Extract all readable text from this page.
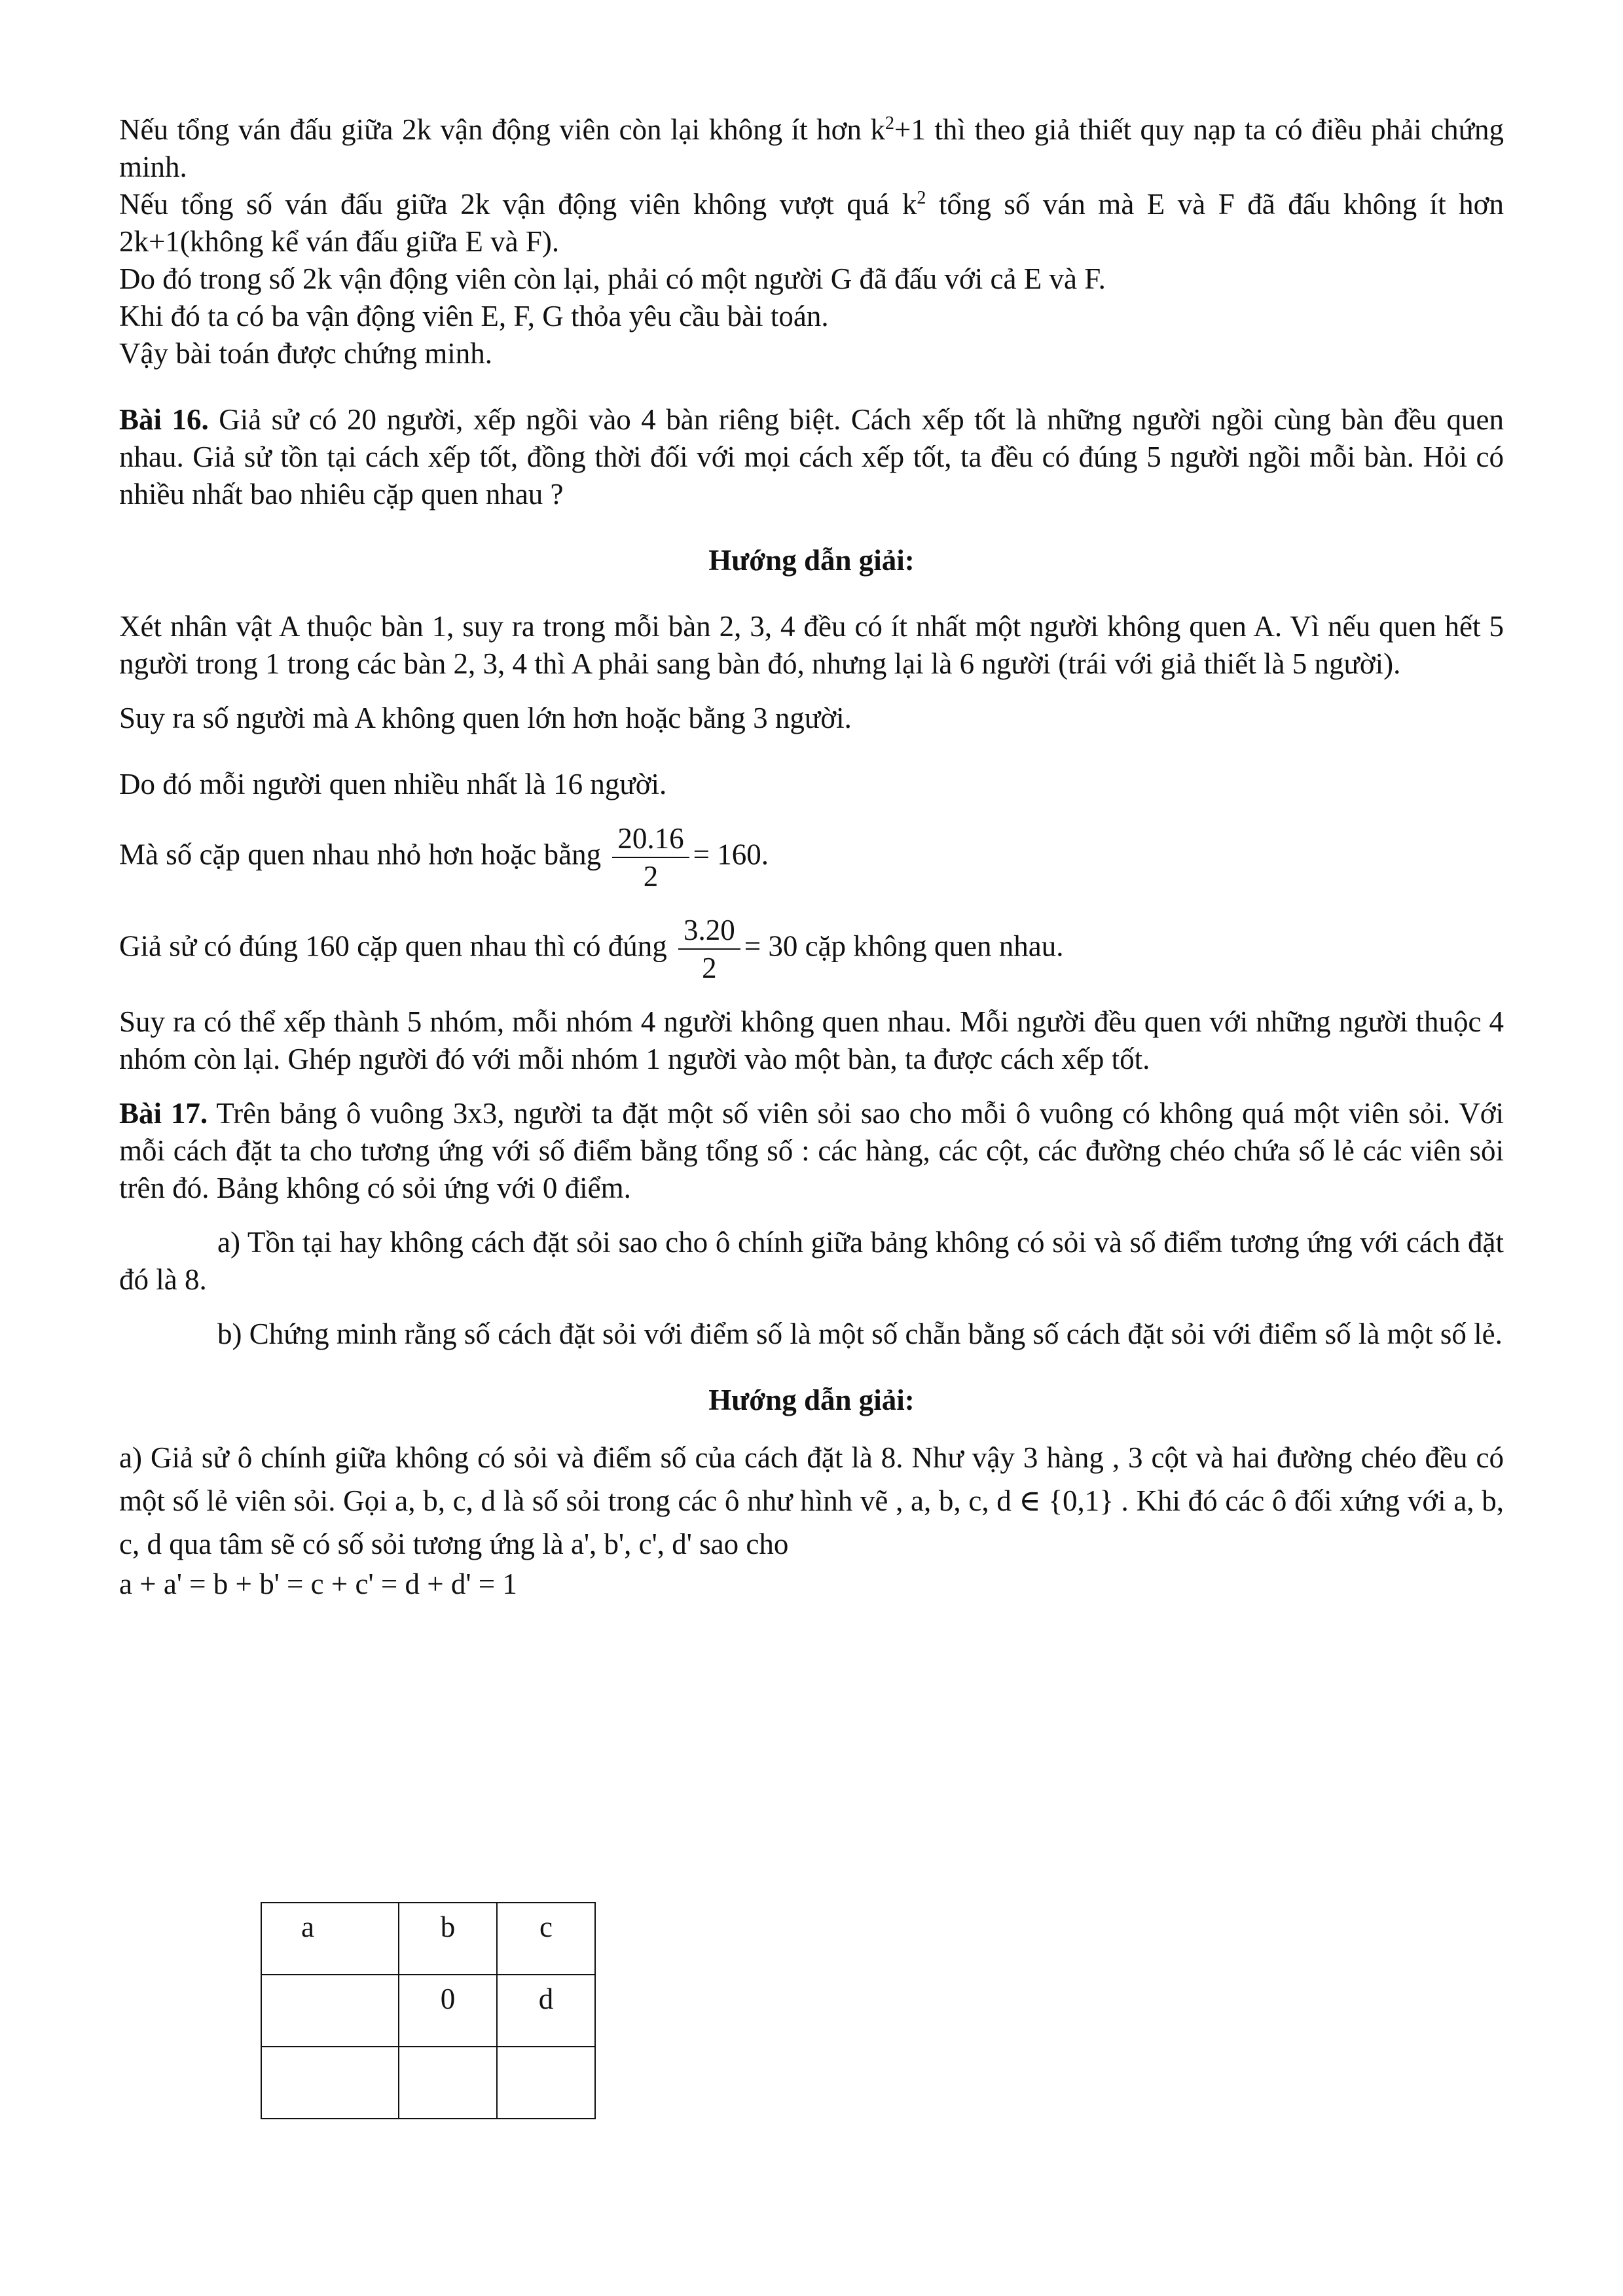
Nếu tổng ván đấu giữa 2k vận động viên còn lại không ít hơn $k^2+1$ thì theo giả thiết quy nạp ta có điều phải chứng minh.

Nếu tổng số ván đấu giữa 2k vận động viên không vượt quá $k^2$ tổng số ván mà E và F đã đấu không ít hơn 2k+1(không kể ván đấu giữa E và F).

Do đó trong số 2k vận động viên còn lại, phải có một người G đã đấu với cả E và F.

Khi đó ta có ba vận động viên E, F, G thỏa yêu cầu bài toán.

Vậy bài toán được chứng minh.

Bài 16. Giả sử có 20 người, xếp ngồi vào 4 bàn riêng biệt. Cách xếp tốt là những người ngồi cùng bàn đều quen nhau. Giả sử tồn tại cách xếp tốt, đồng thời đối với mọi cách xếp tốt, ta đều có đúng 5 người ngồi mỗi bàn. Hỏi có nhiều nhất bao nhiêu cặp quen nhau ?

Hướng dẫn giải:

Xét nhân vật A thuộc bàn 1, suy ra trong mỗi bàn 2, 3, 4 đều có ít nhất một người không quen A. Vì nếu quen hết 5 người trong 1 trong các bàn 2, 3, 4 thì A phải sang bàn đó, nhưng lại là 6 người (trái với giả thiết là 5 người).

Suy ra số người mà A không quen lớn hơn hoặc bằng 3 người.

Do đó mỗi người quen nhiều nhất là 16 người.

Mà số cặp quen nhau nhỏ hơn hoặc bằng $\frac{20.16}{2} = 160$.

Giả sử có đúng 160 cặp quen nhau thì có đúng $\frac{3.20}{2} = 30$ cặp không quen nhau.

Suy ra có thể xếp thành 5 nhóm, mỗi nhóm 4 người không quen nhau. Mỗi người đều quen với những người thuộc 4 nhóm còn lại. Ghép người đó với mỗi nhóm 1 người vào một bàn, ta được cách xếp tốt.

Bài 17. Trên bảng ô vuông 3x3, người ta đặt một số viên sỏi sao cho mỗi ô vuông có không quá một viên sỏi. Với mỗi cách đặt ta cho tương ứng với số điểm bằng tổng số : các hàng, các cột, các đường chéo chứa số lẻ các viên sỏi trên đó. Bảng không có sỏi ứng với 0 điểm.

a) Tồn tại hay không cách đặt sỏi sao cho ô chính giữa bảng không có sỏi và số điểm tương ứng với cách đặt đó là 8.

b) Chứng minh rằng số cách đặt sỏi với điểm số là một số chẵn bằng số cách đặt sỏi với điểm số là một số lẻ.

Hướng dẫn giải:

a) Giả sử ô chính giữa không có sỏi và điểm số của cách đặt là 8. Như vậy 3 hàng , 3 cột và hai đường chéo đều có một số lẻ viên sỏi. Gọi a, b, c, d là số sỏi trong các ô như hình vẽ , a, b, c, d ∈ {0,1} . Khi đó các ô đối xứng với a, b, c, d qua tâm sẽ có số sỏi tương ứng là a', b', c', d' sao cho

a + a' = b + b' = c + c' = d + d' = 1

a	b	c
	0	d
